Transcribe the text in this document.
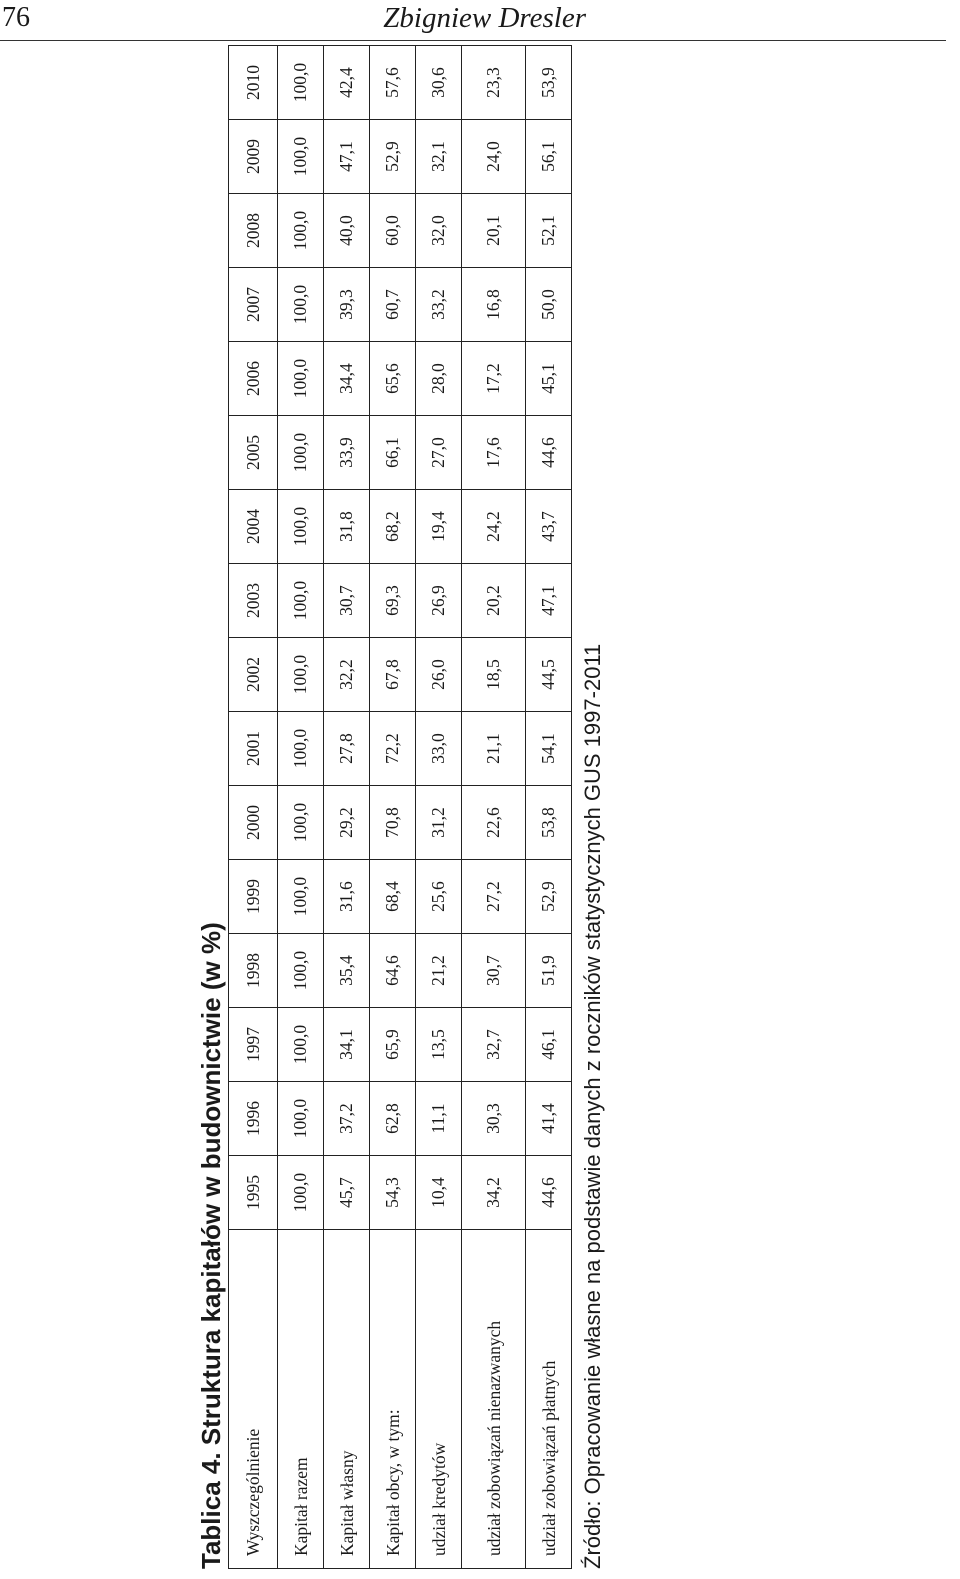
76	Zbigniew Dresler
Tablica 4. Struktura kapitałów w budownictwie (w %) Wyszczególnienie	1995	1996	1997	1998	1999	2000	2001	2002	2003	2004	2005	2006	2007	2008	2009	2010
Kapitał razem	100,0	100,0	100,0	100,0	100,0	100,0	100,0	100,0	100,0	100,0	100,0	100,0	100,0	100,0	100,0	100,0
Kapitał własny	45,7	37,2	34,1	35,4	31,6	29,2	27,8	32,2	30,7	31,8	33,9	34,4	39,3	40,0	47,1	42,4
Kapitał obcy, w tym:	54,3	62,8	65,9	64,6	68,4	70,8	72,2	67,8	69,3	68,2	66,1	65,6	60,7	60,0	52,9	57,6
udział kredytów	10,4	11,1	13,5	21,2	25,6	31,2	33,0	26,0	26,9	19,4	27,0	28,0	33,2	32,0	32,1	30,6
udział zobowiązań nienazwanych	34,2	30,3	32,7	30,7	27,2	22,6	21,1	18,5	20,2	24,2	17,6	17,2	16,8	20,1	24,0	23,3
udział zobowiązań płatnych	44,6	41,4	46,1	51,9	52,9	53,8	54,1	44,5	47,1	43,7	44,6	45,1	50,0	52,1	56,1	53,9
Źródło: Opracowanie własne na podstawie danych z roczników statystycznych GUS 1997-2011
